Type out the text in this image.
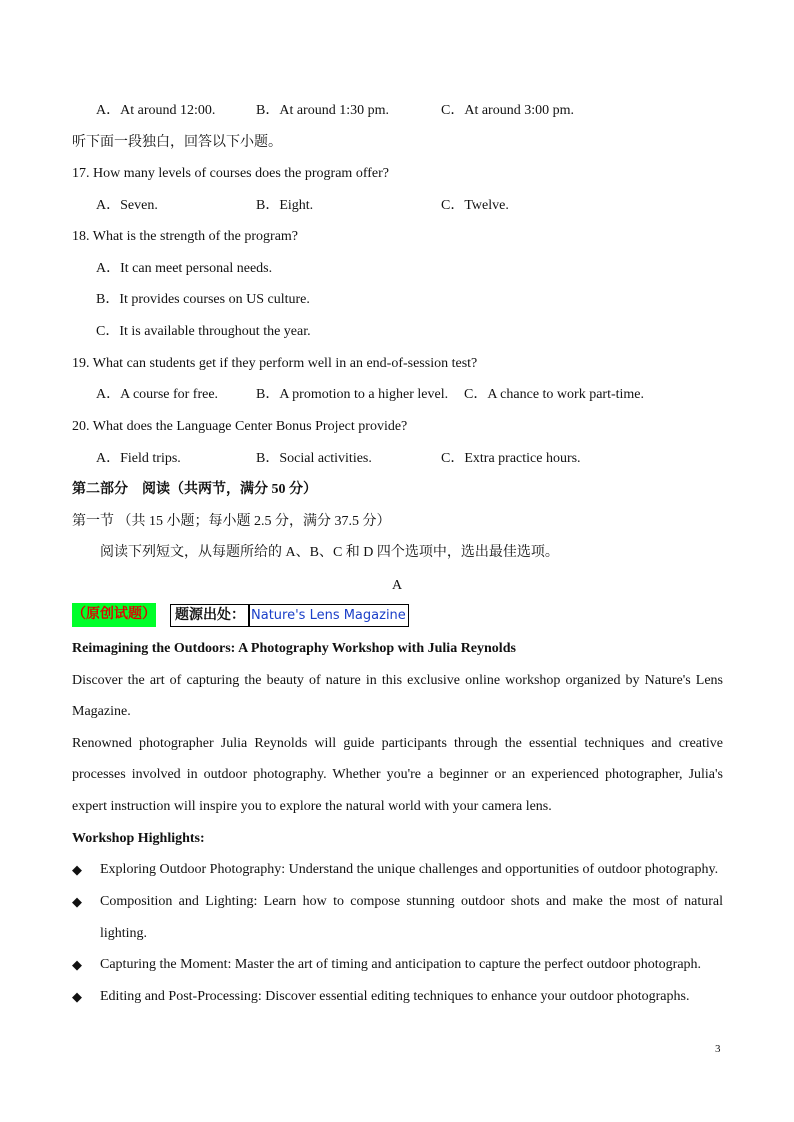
A．At around 12:00.	B．At around 1:30 pm.	C．At around 3:00 pm.
听下面一段独白，回答以下小题。
17. How many levels of courses does the program offer?
A．Seven.	B．Eight.	C．Twelve.
18. What is the strength of the program?
A．It can meet personal needs.
B．It provides courses on US culture.
C．It is available throughout the year.
19. What can students get if they perform well in an end-of-session test?
A．A course for free.	B．A promotion to a higher level. C．A chance to work part-time.
20. What does the Language Center Bonus Project provide?
A．Field trips.	B．Social activities.	C．Extra practice hours.
第二部分　阅读（共两节，满分 50 分）
第一节 （共 15 小题；每小题 2.5 分，满分 37.5 分）
阅读下列短文，从每题所给的 A、B、C 和 D 四个选项中，选出最佳选项。
A
（原创试题）	题源出处： Nature's Lens Magazine
Reimagining the Outdoors: A Photography Workshop with Julia Reynolds
Discover the art of capturing the beauty of nature in this exclusive online workshop organized by Nature's Lens
Magazine.
Renowned photographer Julia Reynolds will guide participants through the essential techniques and creative
processes involved in outdoor photography. Whether you're a beginner or an experienced photographer, Julia's
expert instruction will inspire you to explore the natural world with your camera lens.
Workshop Highlights:
◆ Exploring Outdoor Photography: Understand the unique challenges and opportunities of outdoor photography.
◆ Composition and Lighting: Learn how to compose stunning outdoor shots and make the most of natural
lighting.
◆ Capturing the Moment: Master the art of timing and anticipation to capture the perfect outdoor photograph.
◆ Editing and Post-Processing: Discover essential editing techniques to enhance your outdoor photographs.
3
